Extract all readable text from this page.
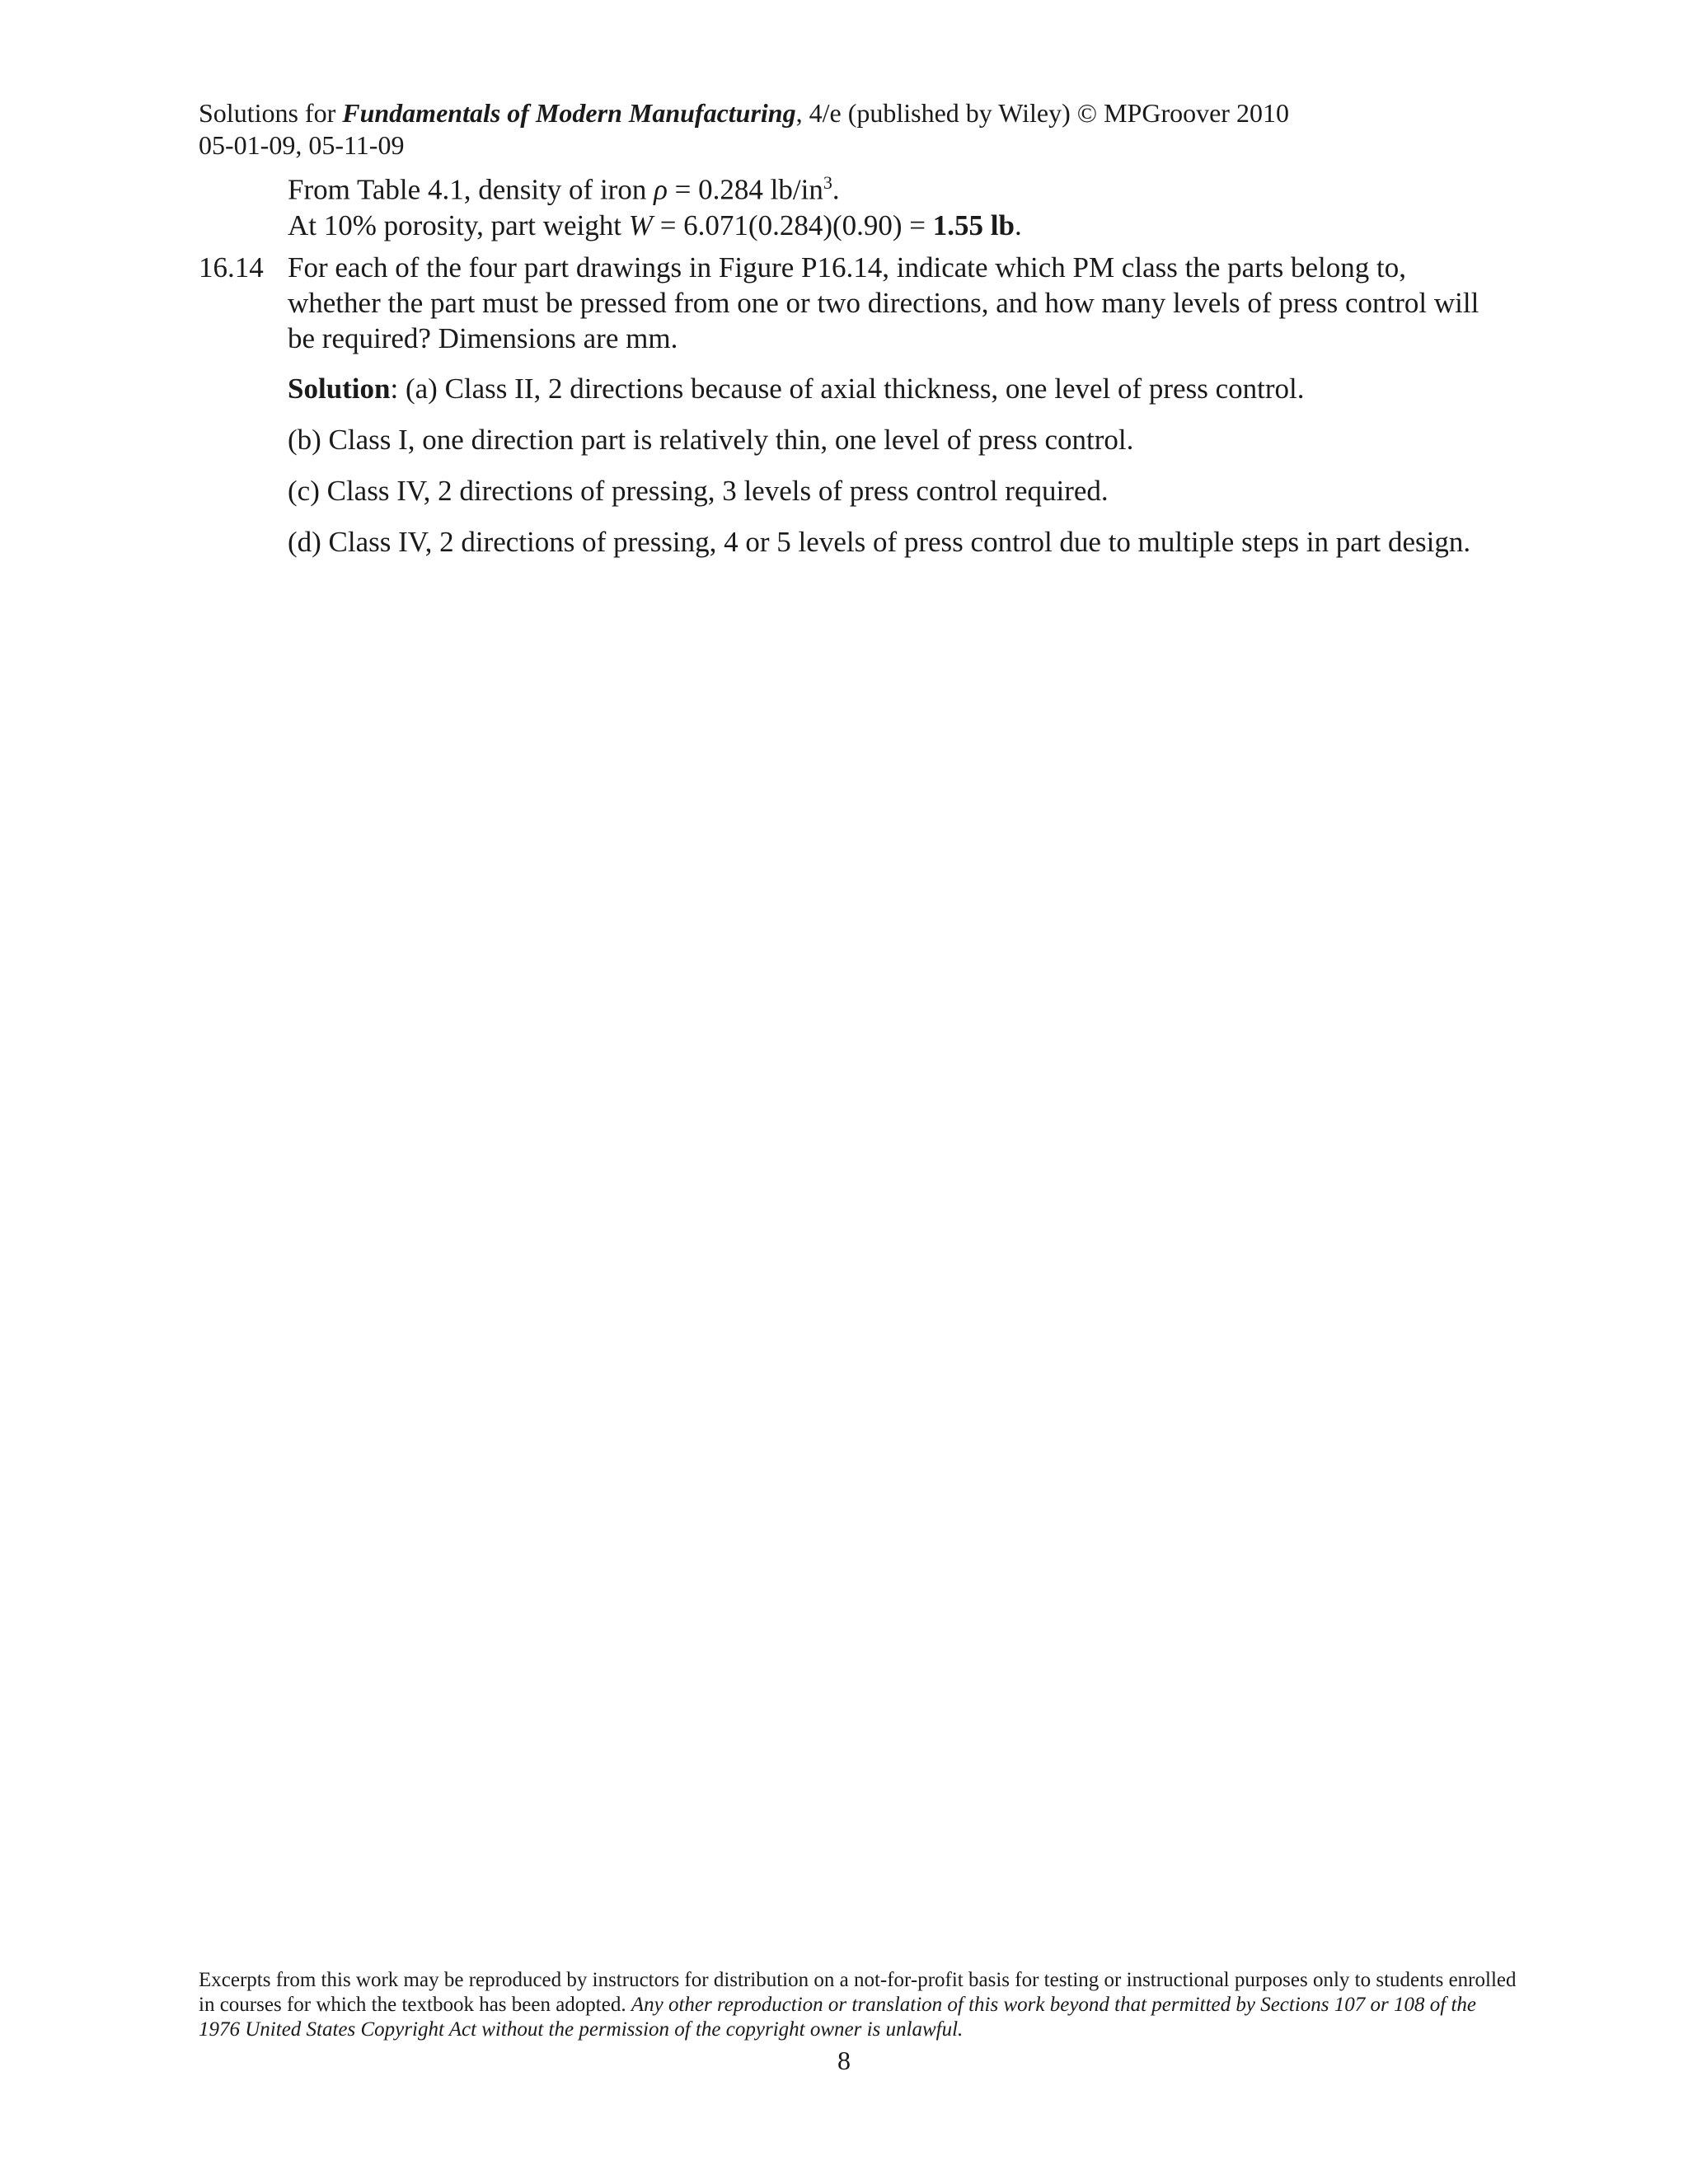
Solutions for Fundamentals of Modern Manufacturing, 4/e (published by Wiley) © MPGroover 2010
05-01-09, 05-11-09
From Table 4.1, density of iron ρ = 0.284 $lb/in^3$.
At 10% porosity, part weight W = 6.071(0.284)(0.90) = 1.55 lb.
16.14 For each of the four part drawings in Figure P16.14, indicate which PM class the parts belong to, whether the part must be pressed from one or two directions, and how many levels of press control will be required? Dimensions are mm.
Solution: (a) Class II, 2 directions because of axial thickness, one level of press control.
(b) Class I, one direction part is relatively thin, one level of press control.
(c) Class IV, 2 directions of pressing, 3 levels of press control required.
(d) Class IV, 2 directions of pressing, 4 or 5 levels of press control due to multiple steps in part design.
Excerpts from this work may be reproduced by instructors for distribution on a not-for-profit basis for testing or instructional purposes only to students enrolled in courses for which the textbook has been adopted. Any other reproduction or translation of this work beyond that permitted by Sections 107 or 108 of the 1976 United States Copyright Act without the permission of the copyright owner is unlawful.
8
